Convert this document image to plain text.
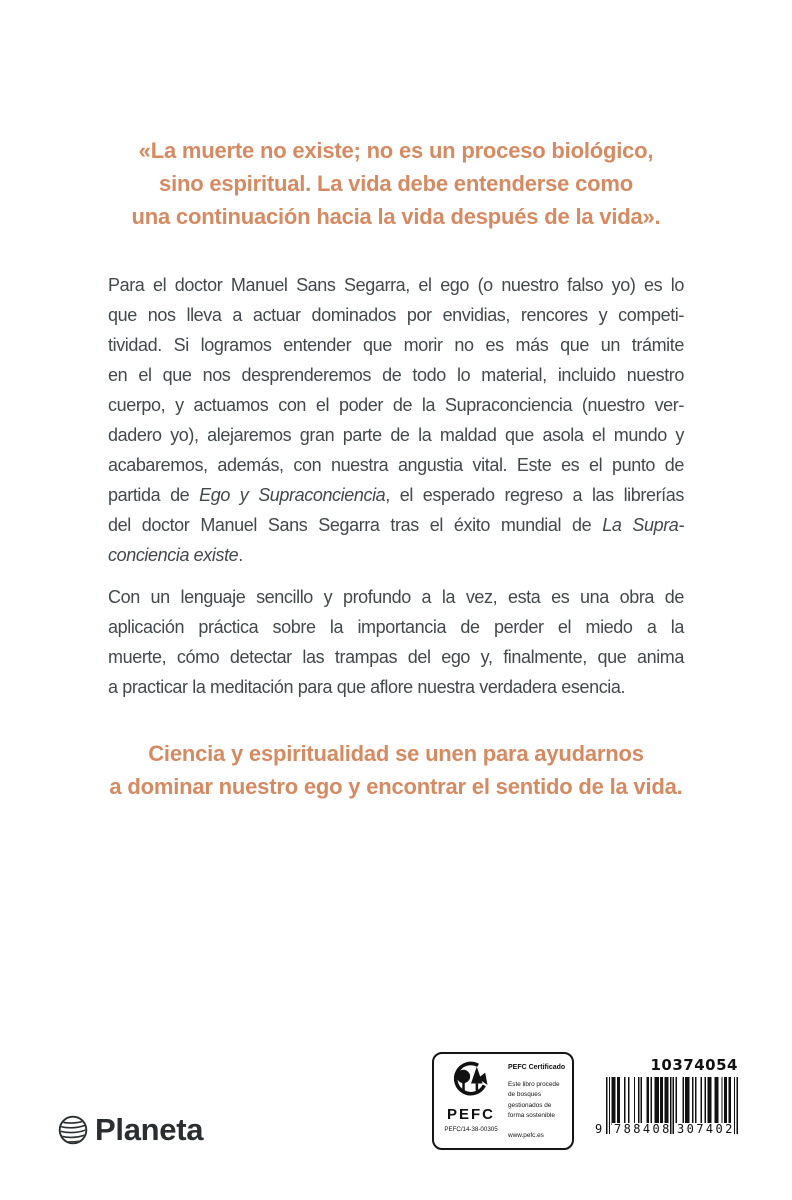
«La muerte no existe; no es un proceso biológico,
sino espiritual. La vida debe entenderse como
una continuación hacia la vida después de la vida».
Para el doctor Manuel Sans Segarra, el ego (o nuestro falso yo) es lo
que nos lleva a actuar dominados por envidias, rencores y competi-
tividad. Si logramos entender que morir no es más que un trámite
en el que nos desprenderemos de todo lo material, incluido nuestro
cuerpo, y actuamos con el poder de la Supraconciencia (nuestro ver-
dadero yo), alejaremos gran parte de la maldad que asola el mundo y
acabaremos, además, con nuestra angustia vital. Este es el punto de
partida de Ego y Supraconciencia, el esperado regreso a las librerías
del doctor Manuel Sans Segarra tras el éxito mundial de La Supra-
conciencia existe.
Con un lenguaje sencillo y profundo a la vez, esta es una obra de
aplicación práctica sobre la importancia de perder el miedo a la
muerte, cómo detectar las trampas del ego y, finalmente, que anima
a practicar la meditación para que aflore nuestra verdadera esencia.
Ciencia y espiritualidad se unen para ayudarnos
a dominar nuestro ego y encontrar el sentido de la vida.
Planeta	PEFC
PEFC/14-38-00305
PEFC Certificado
Este libro procede de bosques gestionados de forma sostenible
www.pefc.es
10374054
9 788408 307402
